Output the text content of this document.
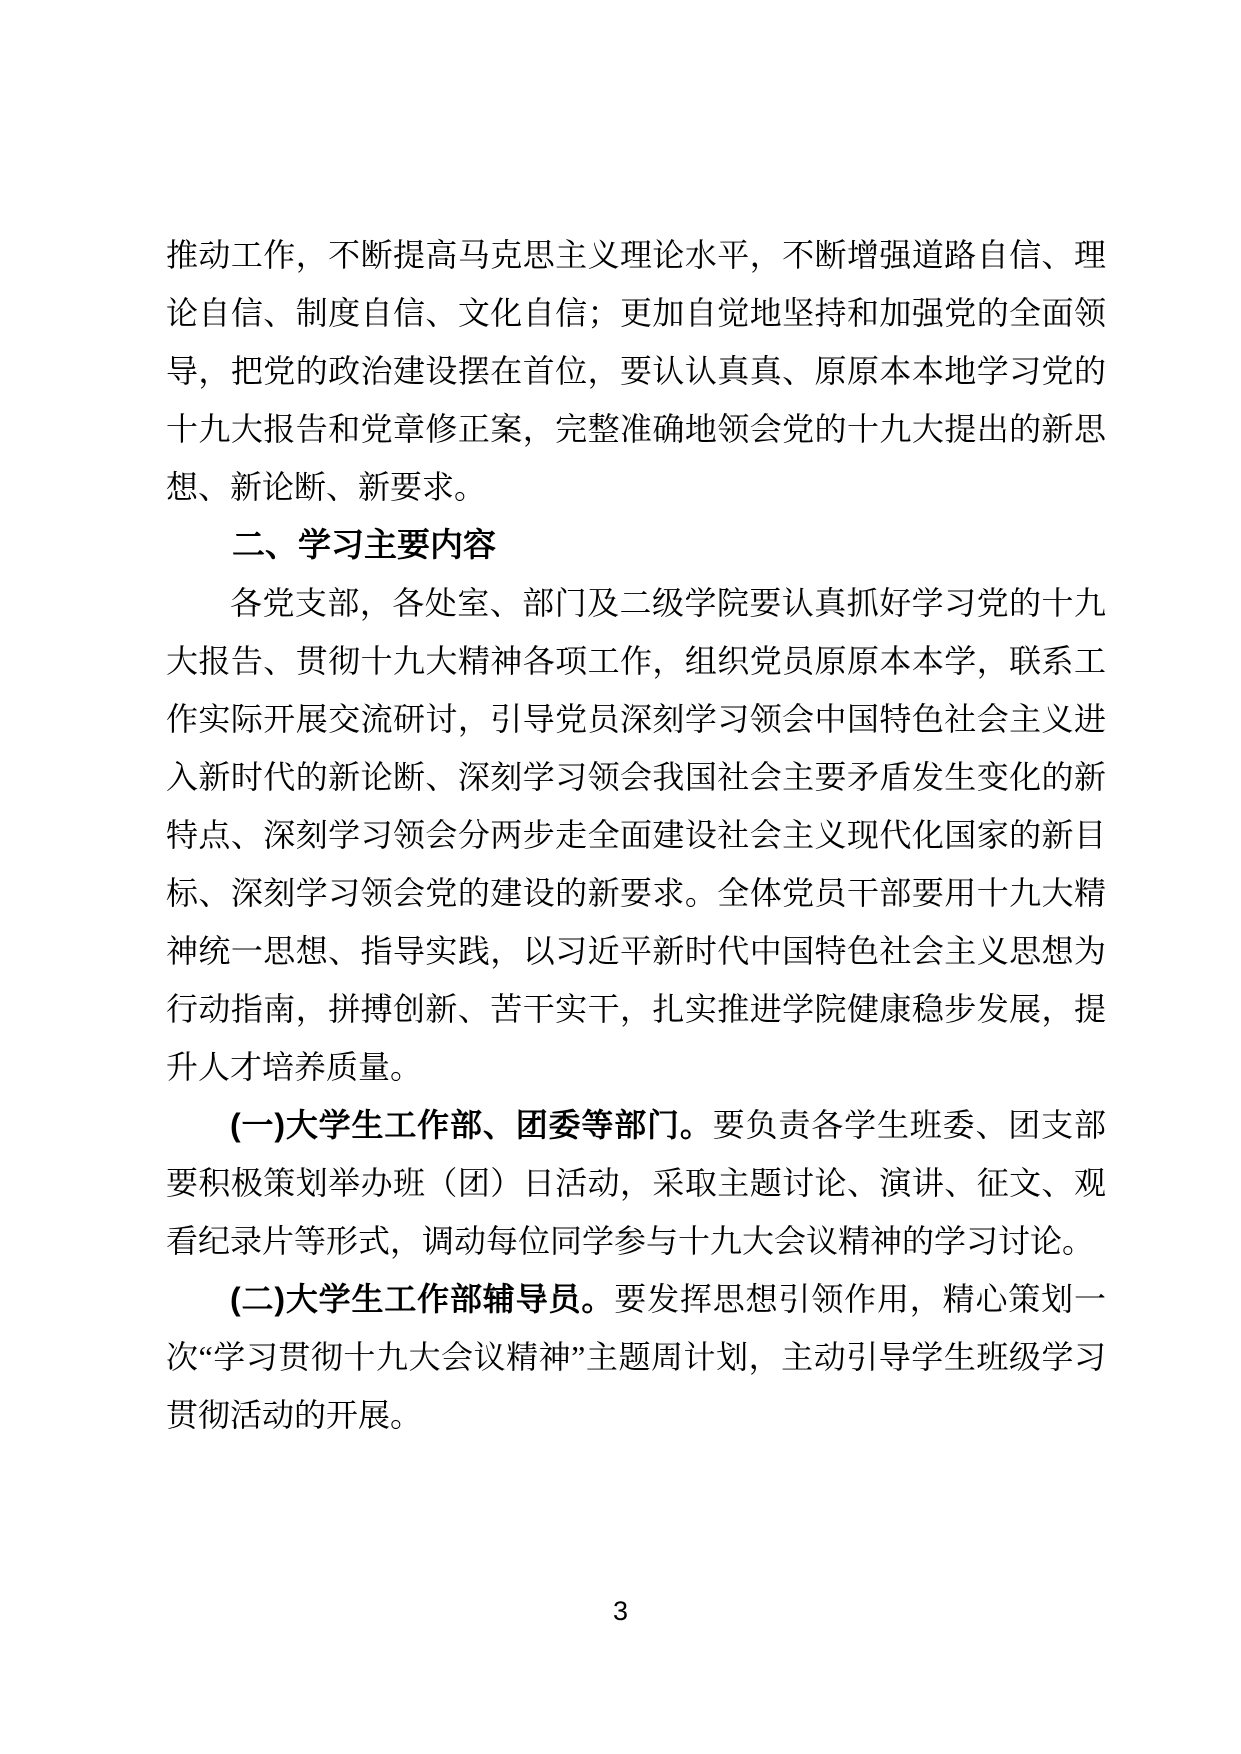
推动工作，不断提高马克思主义理论水平，不断增强道路自信、理论自信、制度自信、文化自信；更加自觉地坚持和加强党的全面领导，把党的政治建设摆在首位，要认认真真、原原本本地学习党的十九大报告和党章修正案，完整准确地领会党的十九大提出的新思想、新论断、新要求。

二、学习主要内容

各党支部，各处室、部门及二级学院要认真抓好学习党的十九大报告、贯彻十九大精神各项工作，组织党员原原本本学，联系工作实际开展交流研讨，引导党员深刻学习领会中国特色社会主义进入新时代的新论断、深刻学习领会我国社会主要矛盾发生变化的新特点、深刻学习领会分两步走全面建设社会主义现代化国家的新目标、深刻学习领会党的建设的新要求。全体党员干部要用十九大精神统一思想、指导实践，以习近平新时代中国特色社会主义思想为行动指南，拼搏创新、苦干实干，扎实推进学院健康稳步发展，提升人才培养质量。

(一)大学生工作部、团委等部门。要负责各学生班委、团支部要积极策划举办班（团）日活动，采取主题讨论、演讲、征文、观看纪录片等形式，调动每位同学参与十九大会议精神的学习讨论。

(二)大学生工作部辅导员。要发挥思想引领作用，精心策划一次“学习贯彻十九大会议精神”主题周计划，主动引导学生班级学习贯彻活动的开展。

3
